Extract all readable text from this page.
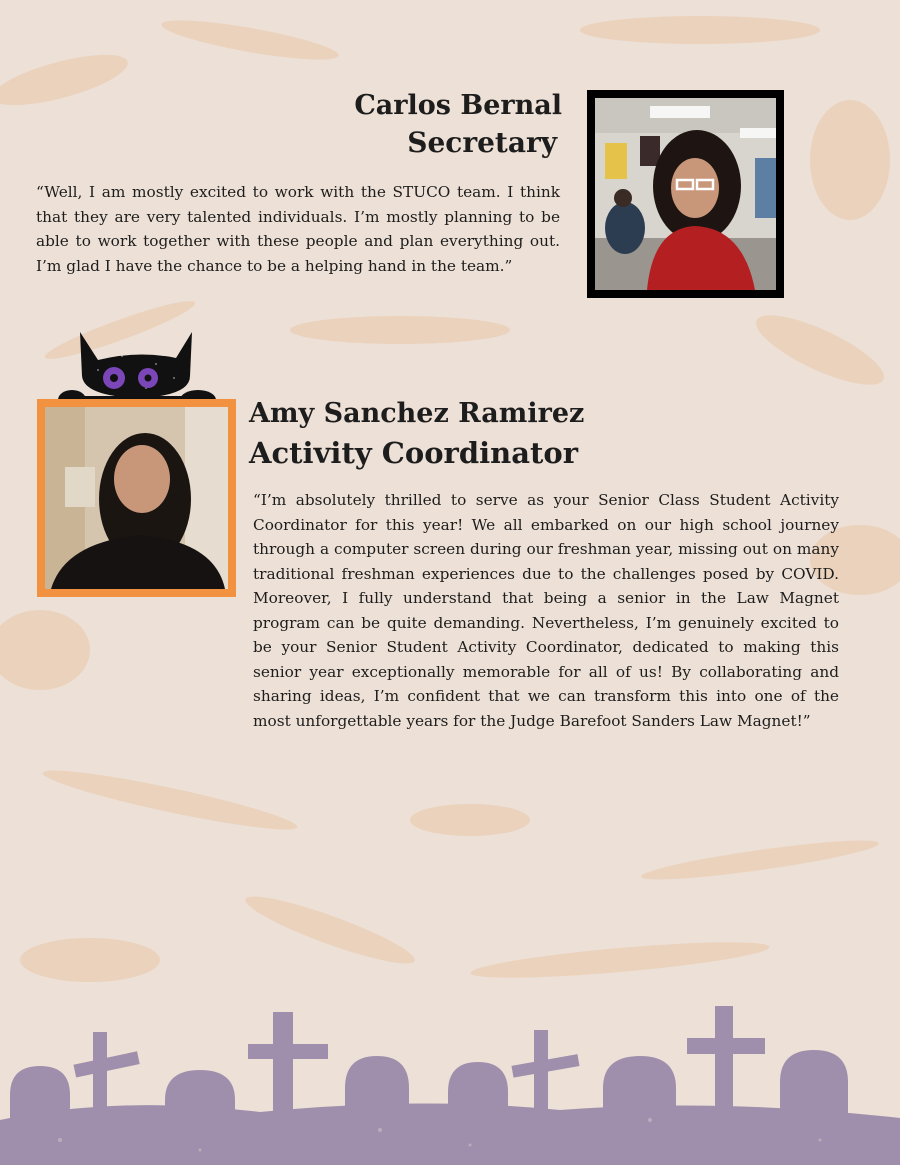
Carlos Bernal
Secretary

“Well, I am mostly excited to work with the STUCO team. I think that they are very talented individuals. I’m mostly planning to be able to work together with these people and plan everything out. I’m glad I have the chance to be a helping hand in the team.”

Amy Sanchez Ramirez
Activity Coordinator

“I’m absolutely thrilled to serve as your Senior Class Student Activity Coordinator for this year! We all embarked on our high school journey through a computer screen during our freshman year, missing out on many traditional freshman experiences due to the challenges posed by COVID. Moreover, I fully understand that being a senior in the Law Magnet program can be quite demanding. Nevertheless, I’m genuinely excited to be your Senior Student Activity Coordinator, dedicated to making this senior year exceptionally memorable for all of us! By collaborating and sharing ideas, I’m confident that we can transform this into one of the most unforgettable years for the Judge Barefoot Sanders Law Magnet!”
